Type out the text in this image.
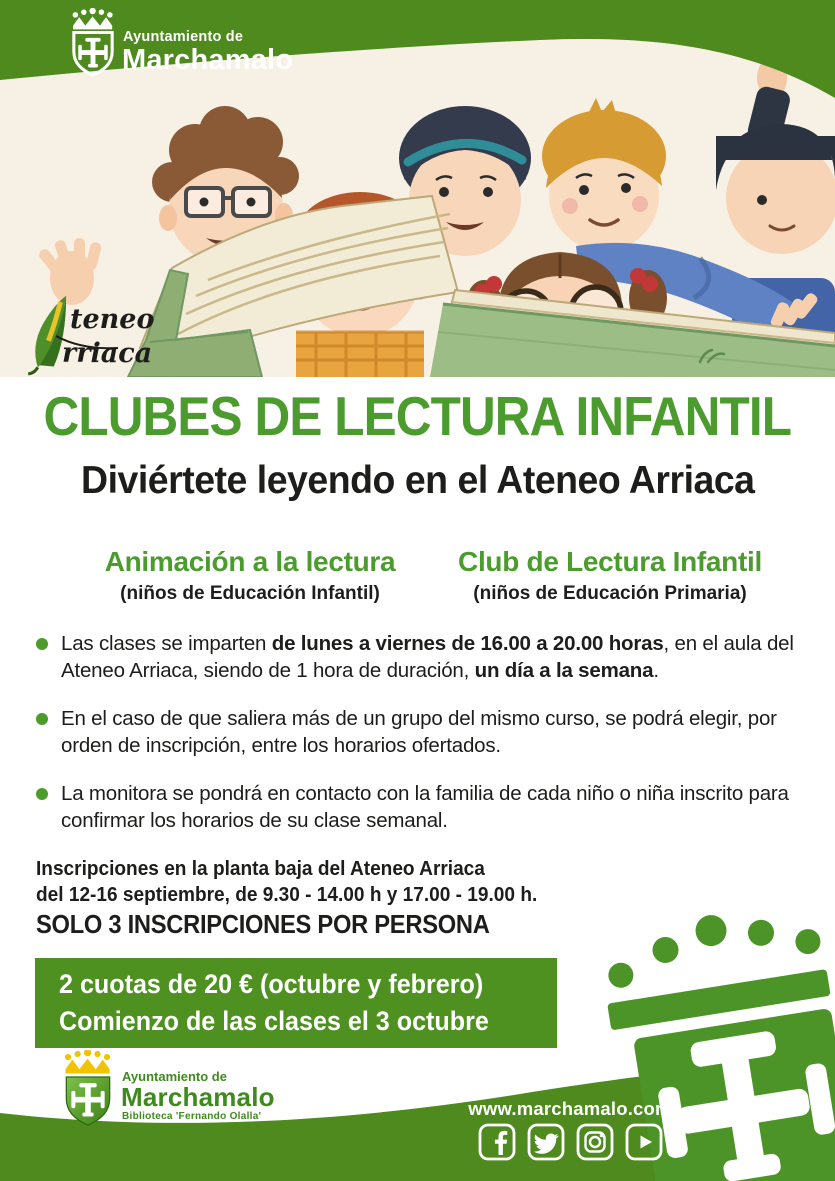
teneo
rriaca
Ayuntamiento de
Marchamalo
CLUBES DE LECTURA INFANTIL
Diviértete leyendo en el Ateneo Arriaca
Animación a la lectura
(niños de Educación Infantil)
Club de Lectura Infantil
(niños de Educación Primaria)
Las clases se imparten de lunes a viernes de 16.00 a 20.00 horas, en el aula del Ateneo Arriaca, siendo de 1 hora de duración, un día a la semana.
En el caso de que saliera más de un grupo del mismo curso, se podrá elegir, por orden de inscripción, entre los horarios ofertados.
La monitora se pondrá en contacto con la familia de cada niño o niña inscrito para confirmar los horarios de su clase semanal.
Inscripciones en la planta baja del Ateneo Arriaca
del 12-16 septiembre, de 9.30 - 14.00 h y 17.00 - 19.00 h.
SOLO 3 INSCRIPCIONES POR PERSONA
2 cuotas de 20 € (octubre y febrero)
Comienzo de las clases el 3 octubre
Ayuntamiento de
Marchamalo
Biblioteca 'Fernando Olalla'	www.marchamalo.com
